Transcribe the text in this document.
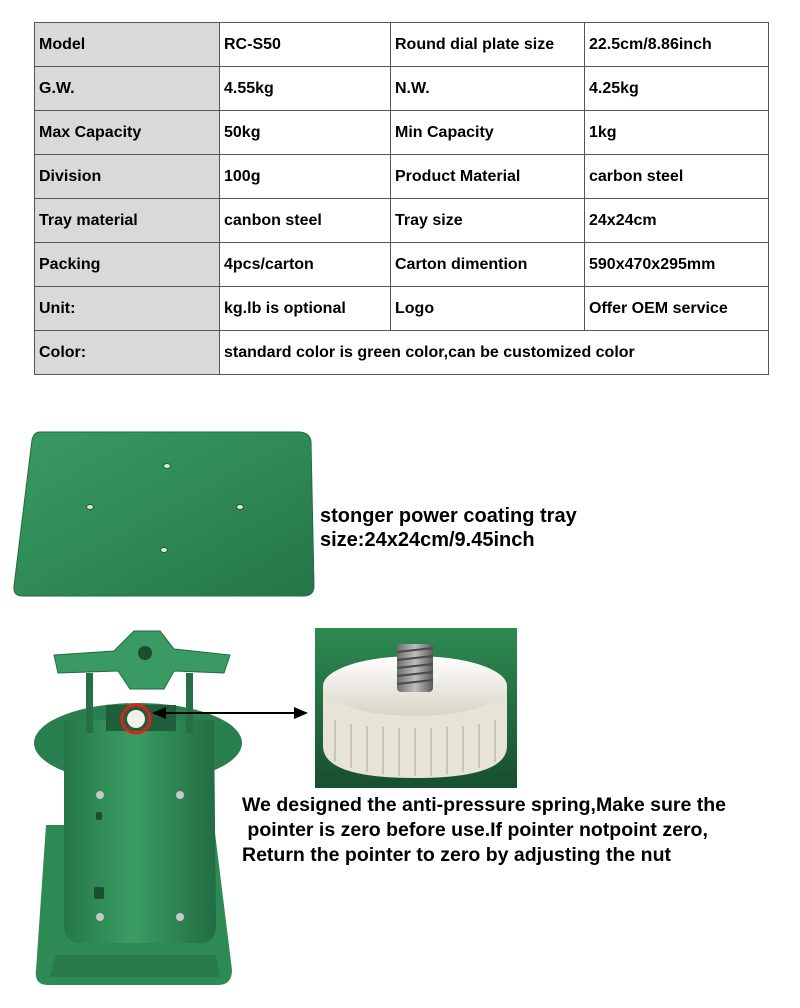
Model	RC-S50	Round dial plate size	22.5cm/8.86inch
G.W.	4.55kg	N.W.	4.25kg
Max Capacity	50kg	Min Capacity	1kg
Division	100g	Product Material	carbon steel
Tray material	canbon steel	Tray size	24x24cm
Packing	4pcs/carton	Carton dimention	590x470x295mm
Unit:	kg.lb is optional	Logo	Offer OEM service
Color:	standard color is green color,can be customized color		
stonger power coating tray
size:24x24cm/9.45inch
We designed the anti-pressure spring,Make sure the
pointer is zero before use.If pointer notpoint zero,
Return the pointer to zero by adjusting the nut
